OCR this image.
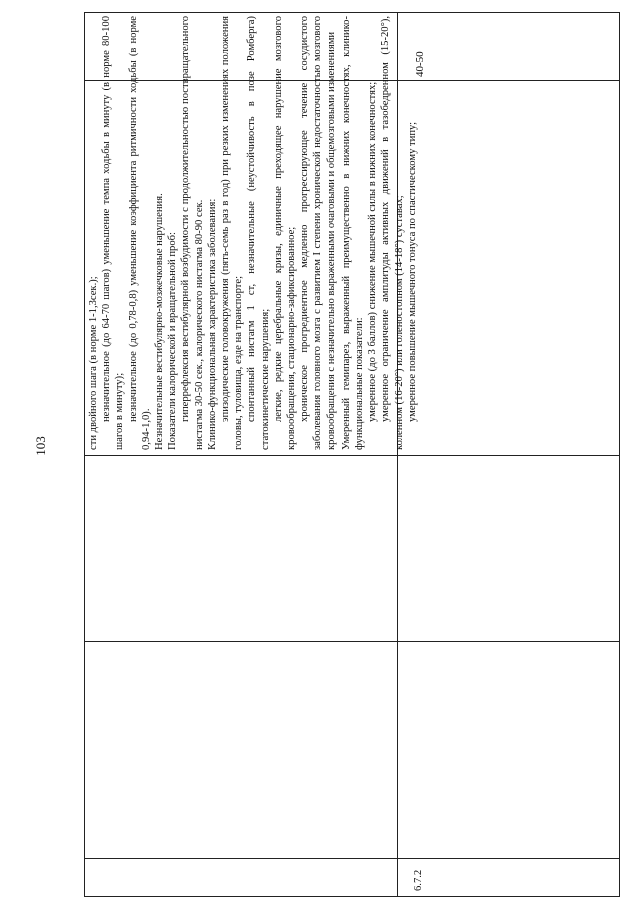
103
6.7.2
40-50

сти двойного шага (в норме 1-1,3сек.); незначительное (до 64-70 шагов) уменьшение темпа ходьбы в минуту (в норме 80-100 шагов в минуту); незначительное (до 0,78-0,8) уменьшение коэффициента ритмичности ходьбы (в норме 0,94-1,0). Незначительные вестибулярно-мозжечковые нарушения. Показатели калорической и вращательной проб: гиперрефлексия вестибулярной возбудимости с продолжительностью поствращательного нистагма 30-50 сек., калорического нистагма 80-90 сек. Клинико-функциональная характеристика заболевания: эпизодические головокружения (пять-семь раз в год) при резких изменениях положения головы, туловища, езде на транспорте; спонтанный нистагм 1 ст, незначительные (неустойчивость в позе Ромберга) статокинетические нарушения; легкие, редкие церебральные кризы, единичные преходящее нарушение мозгового кровообращения, стационарно-зафиксированное; хроническое прогредиентное медленно прогрессирующее течение сосудистого заболевания головного мозга с развитием I степени хронической недостаточностью мозгового кровообращения с незначительно выраженными очаговыми и общемозговыми изменениями Умеренный гемипарез, выраженный преимущественно в нижних конечностях, клинико-функциональные показатели: умеренное (до 3 баллов) снижение мышечной силы в нижних конечностях; умеренное ограничение амплитуды активных движений в тазобедренном (15-20°), коленном (16-20°) или голеностопном (14-18°) суставах; умеренное повышение мышечного тонуса по спастическому типу;
